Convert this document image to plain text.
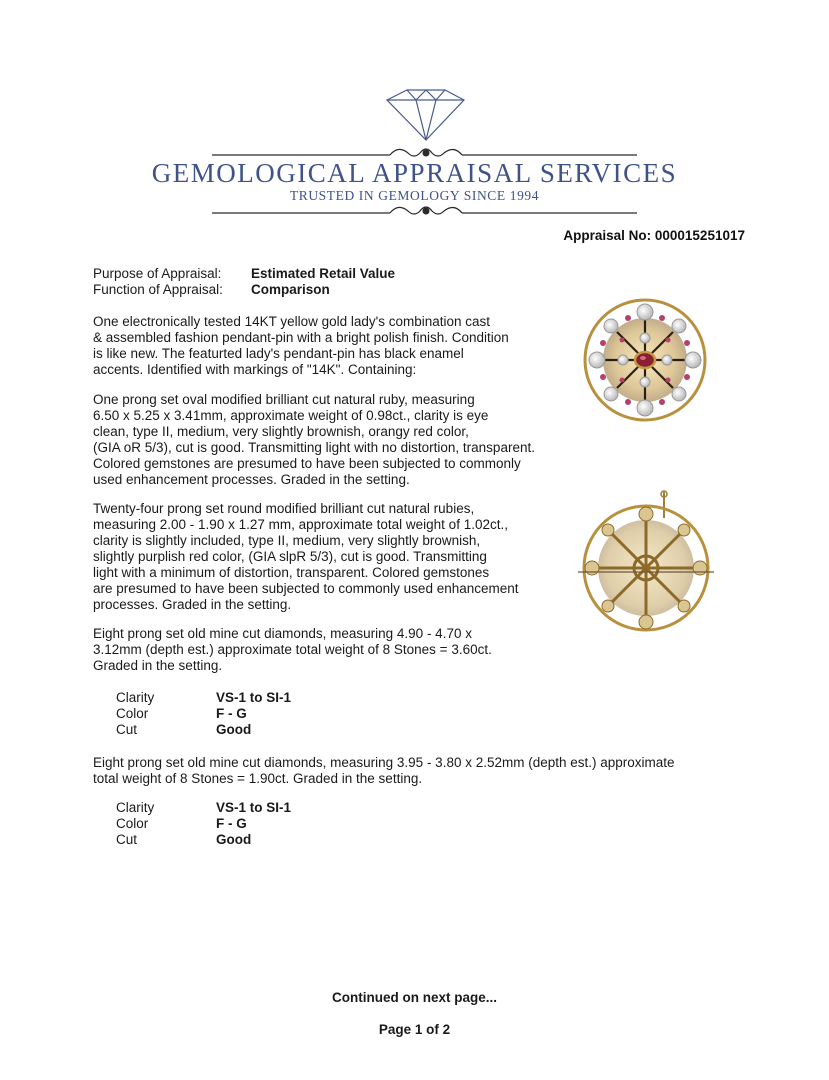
GEMOLOGICAL APPRAISAL SERVICES
TRUSTED IN GEMOLOGY SINCE 1994
Appraisal No: 000015251017
Purpose of Appraisal: Estimated Retail Value
Function of Appraisal: Comparison
One electronically tested 14KT yellow gold lady's combination cast
& assembled fashion pendant-pin with a bright polish finish. Condition
is like new. The featurted lady's pendant-pin has black enamel
accents. Identified with markings of "14K". Containing:
One prong set oval modified brilliant cut natural ruby, measuring
6.50 x 5.25 x 3.41mm, approximate weight of 0.98ct., clarity is eye
clean, type II, medium, very slightly brownish, orangy red color,
(GIA oR 5/3), cut is good. Transmitting light with no distortion, transparent.
Colored gemstones are presumed to have been subjected to commonly
used enhancement processes. Graded in the setting.
Twenty-four prong set round modified brilliant cut natural rubies,
measuring 2.00 - 1.90 x 1.27 mm, approximate total weight of 1.02ct.,
clarity is slightly included, type II, medium, very slightly brownish,
slightly purplish red color, (GIA slpR 5/3), cut is good. Transmitting
light with a minimum of distortion, transparent. Colored gemstones
are presumed to have been subjected to commonly used enhancement
processes. Graded in the setting.
Eight prong set old mine cut diamonds, measuring 4.90 - 4.70 x
3.12mm (depth est.) approximate total weight of 8 Stones = 3.60ct.
Graded in the setting.
Clarity	VS-1 to SI-1
Color	F - G
Cut	Good
Eight prong set old mine cut diamonds, measuring 3.95 - 3.80 x 2.52mm (depth est.) approximate
total weight of 8 Stones = 1.90ct. Graded in the setting.
Clarity	VS-1 to SI-1
Color	F - G
Cut	Good
Continued on next page...
Page 1 of 2
